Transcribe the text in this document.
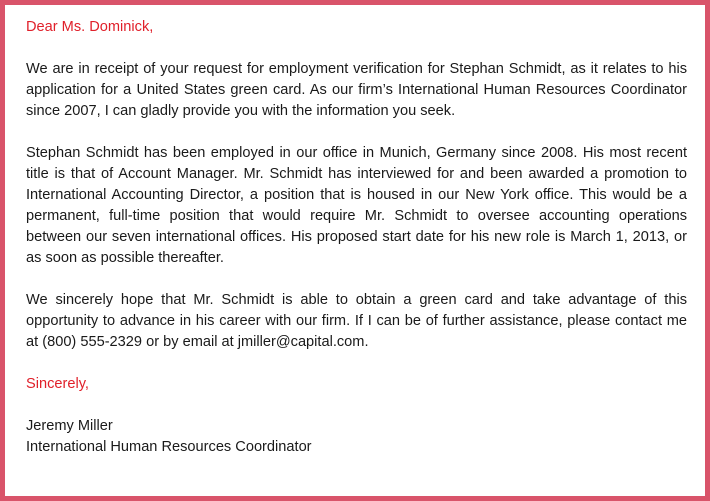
Dear Ms. Dominick,

We are in receipt of your request for employment verification for Stephan Schmidt, as it relates to his application for a United States green card. As our firm’s International Human Resources Coordinator since 2007, I can gladly provide you with the information you seek.

Stephan Schmidt has been employed in our office in Munich, Germany since 2008. His most recent title is that of Account Manager. Mr. Schmidt has interviewed for and been awarded a promotion to International Accounting Director, a position that is housed in our New York office. This would be a permanent, full-time position that would require Mr. Schmidt to oversee accounting operations between our seven international offices. His proposed start date for his new role is March 1, 2013, or as soon as possible thereafter.

We sincerely hope that Mr. Schmidt is able to obtain a green card and take advantage of this opportunity to advance in his career with our firm. If I can be of further assistance, please contact me at (800) 555-2329 or by email at jmiller@capital.com.

Sincerely,

Jeremy Miller

International Human Resources Coordinator
